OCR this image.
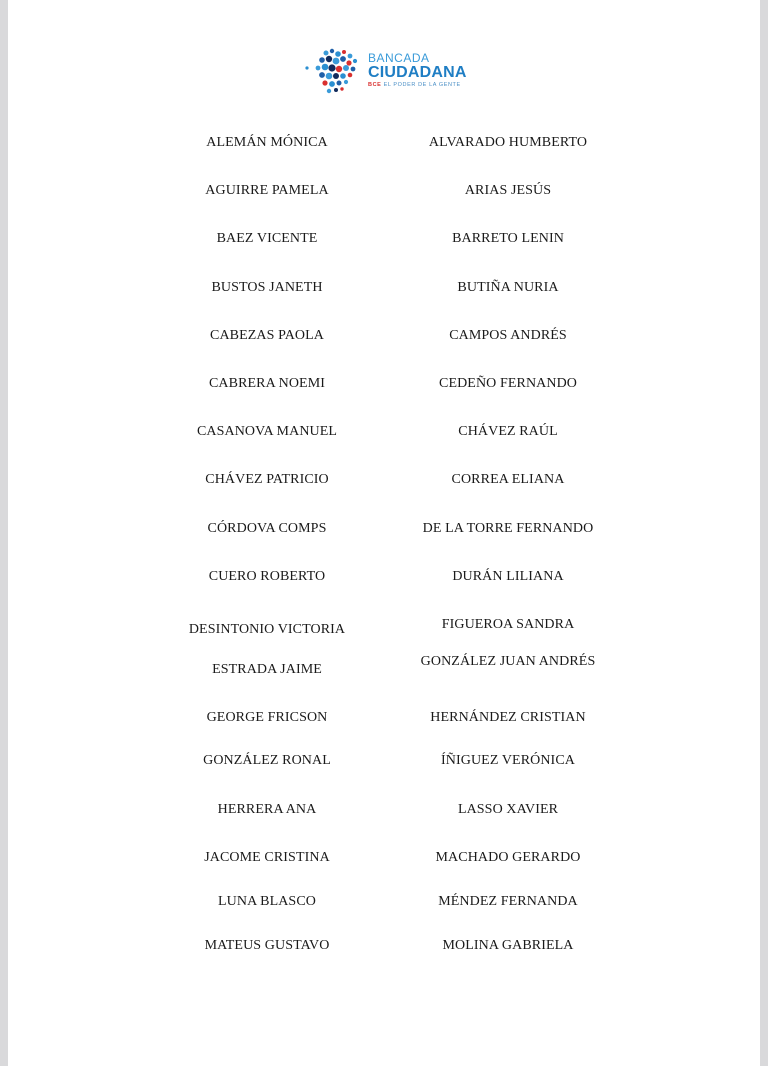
BANCADA
CIUDADANA
BCE EL PODER DE LA GENTE
ALEMÁN MÓNICA
AGUIRRE PAMELA
BAEZ VICENTE
BUSTOS JANETH
CABEZAS PAOLA
CABRERA NOEMI
CASANOVA MANUEL
CHÁVEZ PATRICIO
CÓRDOVA COMPS
CUERO ROBERTO
DESINTONIO VICTORIA
ESTRADA JAIME
GEORGE FRICSON
GONZÁLEZ RONAL
HERRERA ANA
JACOME CRISTINA
LUNA BLASCO
MATEUS GUSTAVO
ALVARADO HUMBERTO
ARIAS JESÚS
BARRETO LENIN
BUTIÑA NURIA
CAMPOS ANDRÉS
CEDEÑO FERNANDO
CHÁVEZ RAÚL
CORREA ELIANA
DE LA TORRE FERNANDO
DURÁN LILIANA
FIGUEROA SANDRA
GONZÁLEZ JUAN ANDRÉS
HERNÁNDEZ CRISTIAN
ÍÑIGUEZ VERÓNICA
LASSO XAVIER
MACHADO GERARDO
MÉNDEZ FERNANDA
MOLINA GABRIELA
